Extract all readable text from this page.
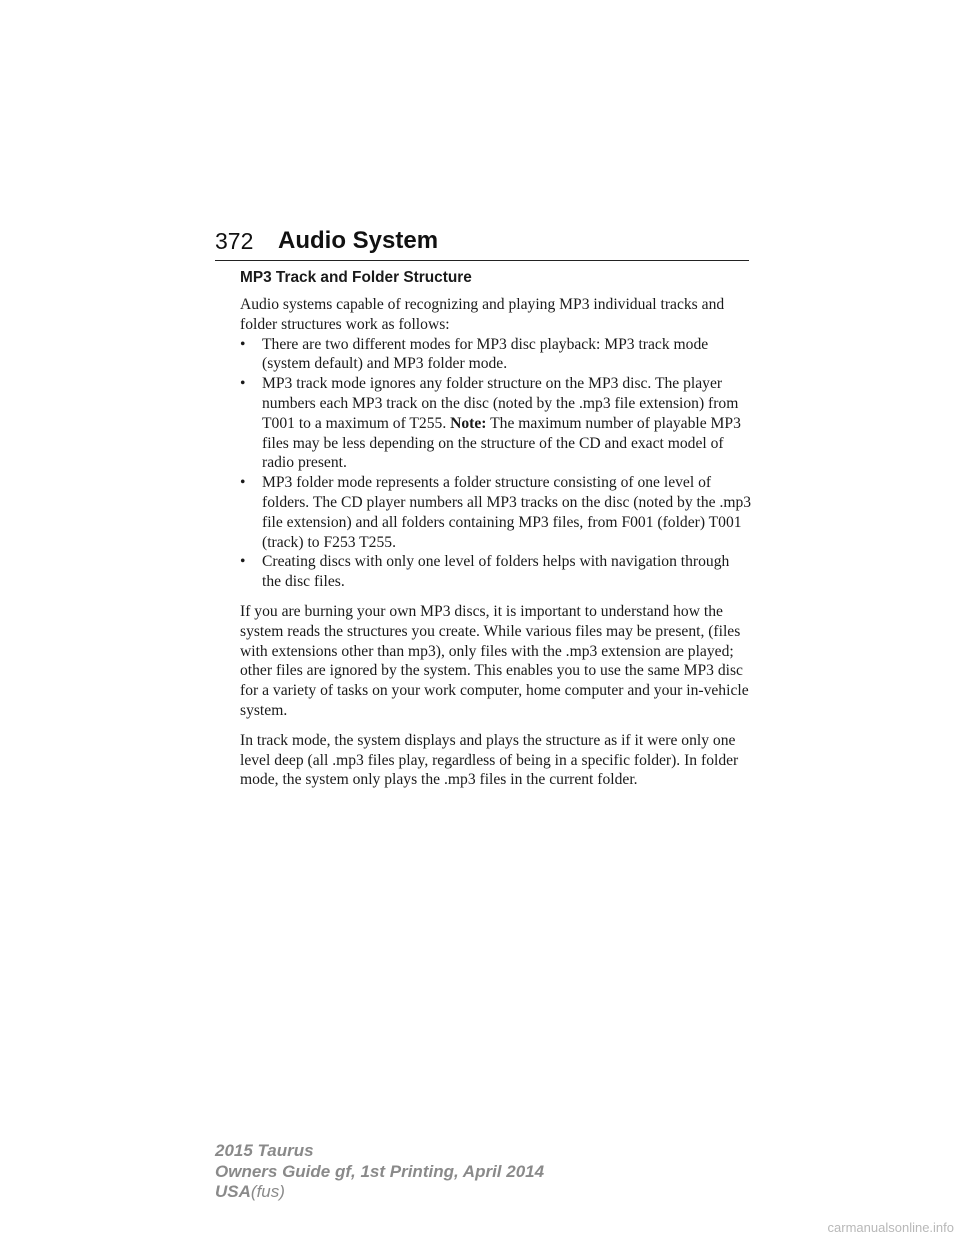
372 Audio System
MP3 Track and Folder Structure

Audio systems capable of recognizing and playing MP3 individual tracks and folder structures work as follows:

• There are two different modes for MP3 disc playback: MP3 track mode (system default) and MP3 folder mode.
• MP3 track mode ignores any folder structure on the MP3 disc. The player numbers each MP3 track on the disc (noted by the .mp3 file extension) from T001 to a maximum of T255. Note: The maximum number of playable MP3 files may be less depending on the structure of the CD and exact model of radio present.
• MP3 folder mode represents a folder structure consisting of one level of folders. The CD player numbers all MP3 tracks on the disc (noted by the .mp3 file extension) and all folders containing MP3 files, from F001 (folder) T001 (track) to F253 T255.
• Creating discs with only one level of folders helps with navigation through the disc files.

If you are burning your own MP3 discs, it is important to understand how the system reads the structures you create. While various files may be present, (files with extensions other than mp3), only files with the .mp3 extension are played; other files are ignored by the system. This enables you to use the same MP3 disc for a variety of tasks on your work computer, home computer and your in-vehicle system.

In track mode, the system displays and plays the structure as if it were only one level deep (all .mp3 files play, regardless of being in a specific folder). In folder mode, the system only plays the .mp3 files in the current folder.

2015 Taurus
Owners Guide gf, 1st Printing, April 2014
USA(fus)
carmanualsonline.info
